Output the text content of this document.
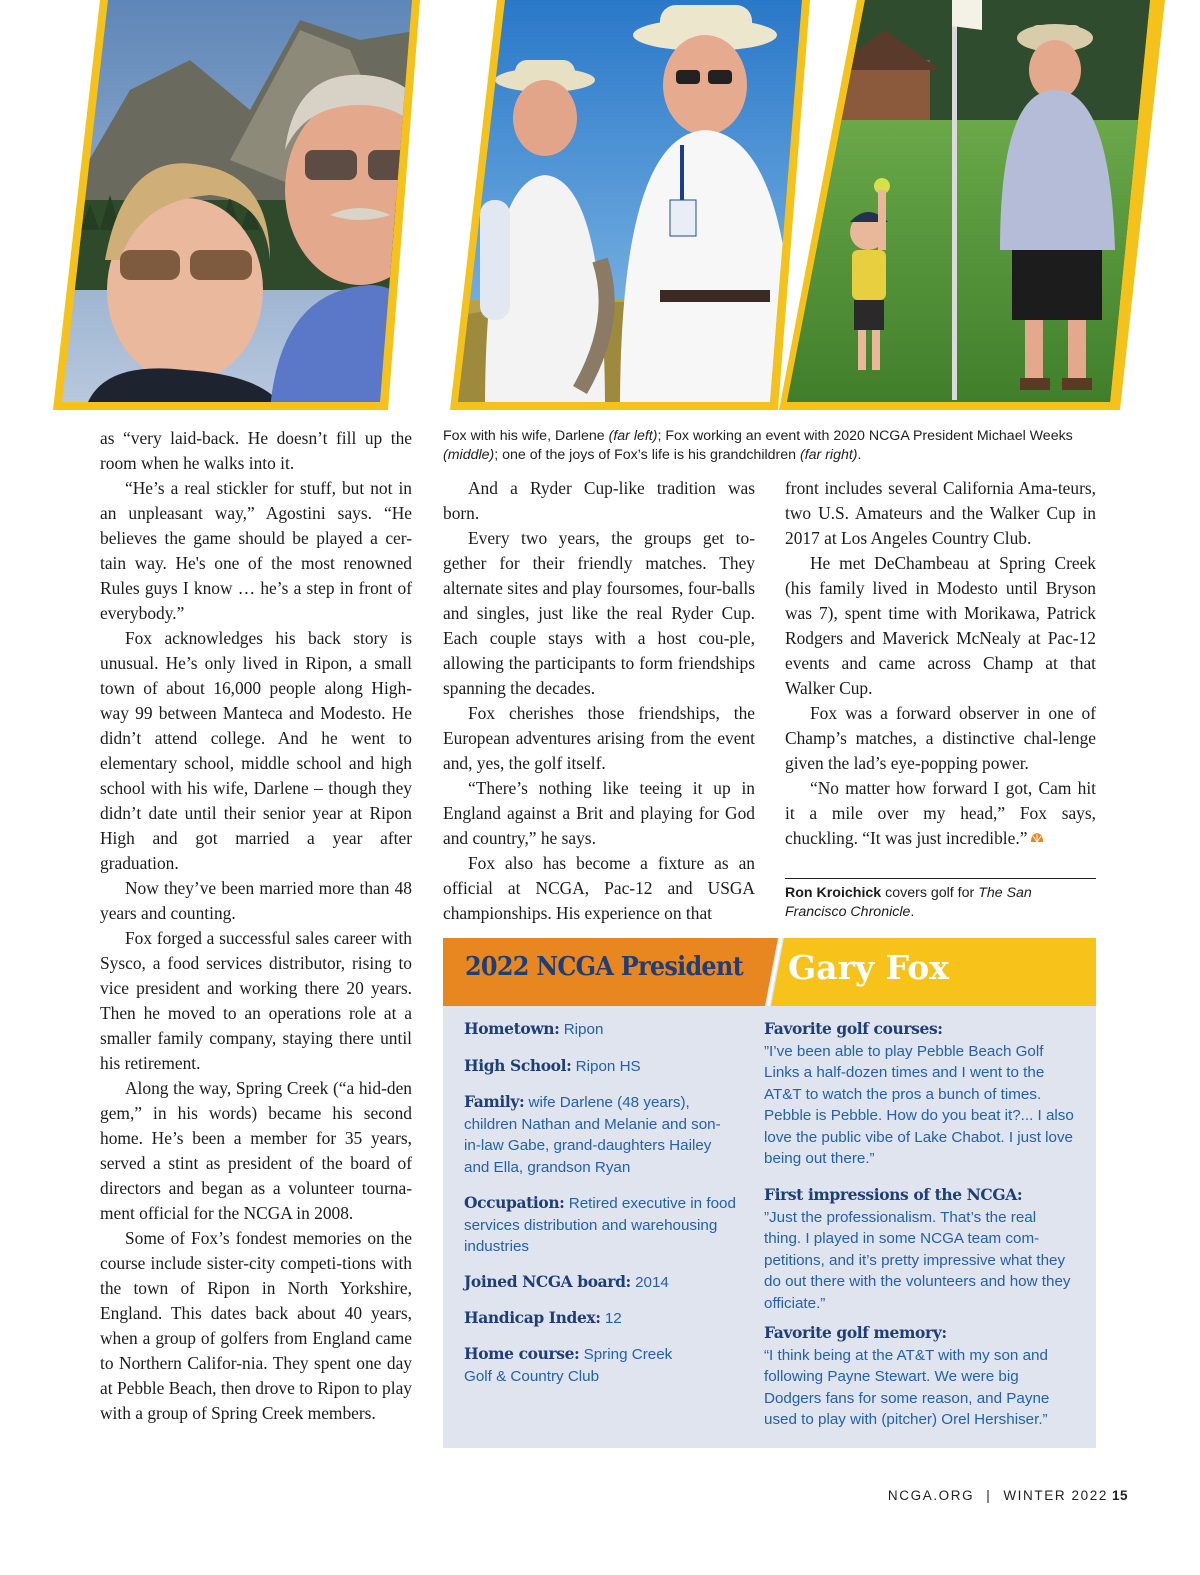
Fox with his wife, Darlene (far left); Fox working an event with 2020 NCGA President Michael Weeks (middle); one of the joys of Fox’s life is his grandchildren (far right).

as “very laid-back. He doesn’t fill up the room when he walks into it.

“He’s a real stickler for stuff, but not in an unpleasant way,” Agostini says. “He believes the game should be played a cer-tain way. He's one of the most renowned Rules guys I know … he’s a step in front of everybody.”

Fox acknowledges his back story is unusual. He’s only lived in Ripon, a small town of about 16,000 people along High-way 99 between Manteca and Modesto. He didn’t attend college. And he went to elementary school, middle school and high school with his wife, Darlene – though they didn’t date until their senior year at Ripon High and got married a year after graduation.

Now they’ve been married more than 48 years and counting.

Fox forged a successful sales career with Sysco, a food services distributor, rising to vice president and working there 20 years. Then he moved to an operations role at a smaller family company, staying there until his retirement.

Along the way, Spring Creek (“a hid-den gem,” in his words) became his second home. He’s been a member for 35 years, served a stint as president of the board of directors and began as a volunteer tourna-ment official for the NCGA in 2008.

Some of Fox’s fondest memories on the course include sister-city competi-tions with the town of Ripon in North Yorkshire, England. This dates back about 40 years, when a group of golfers from England came to Northern Califor-nia. They spent one day at Pebble Beach, then drove to Ripon to play with a group of Spring Creek members.

And a Ryder Cup-like tradition was born.

Every two years, the groups get to-gether for their friendly matches. They alternate sites and play foursomes, four-balls and singles, just like the real Ryder Cup. Each couple stays with a host cou-ple, allowing the participants to form friendships spanning the decades.

Fox cherishes those friendships, the European adventures arising from the event and, yes, the golf itself.

“There’s nothing like teeing it up in England against a Brit and playing for God and country,” he says.

Fox also has become a fixture as an official at NCGA, Pac-12 and USGA championships. His experience on that

front includes several California Ama-teurs, two U.S. Amateurs and the Walker Cup in 2017 at Los Angeles Country Club.

He met DeChambeau at Spring Creek (his family lived in Modesto until Bryson was 7), spent time with Morikawa, Patrick Rodgers and Maverick McNealy at Pac-12 events and came across Champ at that Walker Cup.

Fox was a forward observer in one of Champ’s matches, a distinctive chal-lenge given the lad’s eye-popping power.

“No matter how forward I got, Cam hit it a mile over my head,” Fox says, chuckling. “It was just incredible.”

Ron Kroichick covers golf for The San Francisco Chronicle.
2022 NCGA President Gary Fox
Hometown: Ripon
High School: Ripon HS
Family: wife Darlene (48 years), children Nathan and Melanie and son-in-law Gabe, grand-daughters Hailey and Ella, grandson Ryan
Occupation: Retired executive in food services distribution and warehousing industries
Joined NCGA board: 2014
Handicap Index: 12
Home course: Spring Creek Golf & Country Club
Favorite golf courses:
”I’ve been able to play Pebble Beach Golf Links a half-dozen times and I went to the AT&T to watch the pros a bunch of times. Pebble is Pebble. How do you beat it?... I also love the public vibe of Lake Chabot. I just love being out there.”
First impressions of the NCGA:
”Just the professionalism. That’s the real thing. I played in some NCGA team com-petitions, and it’s pretty impressive what they do out there with the volunteers and how they officiate.”
Favorite golf memory:
“I think being at the AT&T with my son and following Payne Stewart. We were big Dodgers fans for some reason, and Payne used to play with (pitcher) Orel Hershiser.”
NCGA.ORG | WINTER 2022 15
